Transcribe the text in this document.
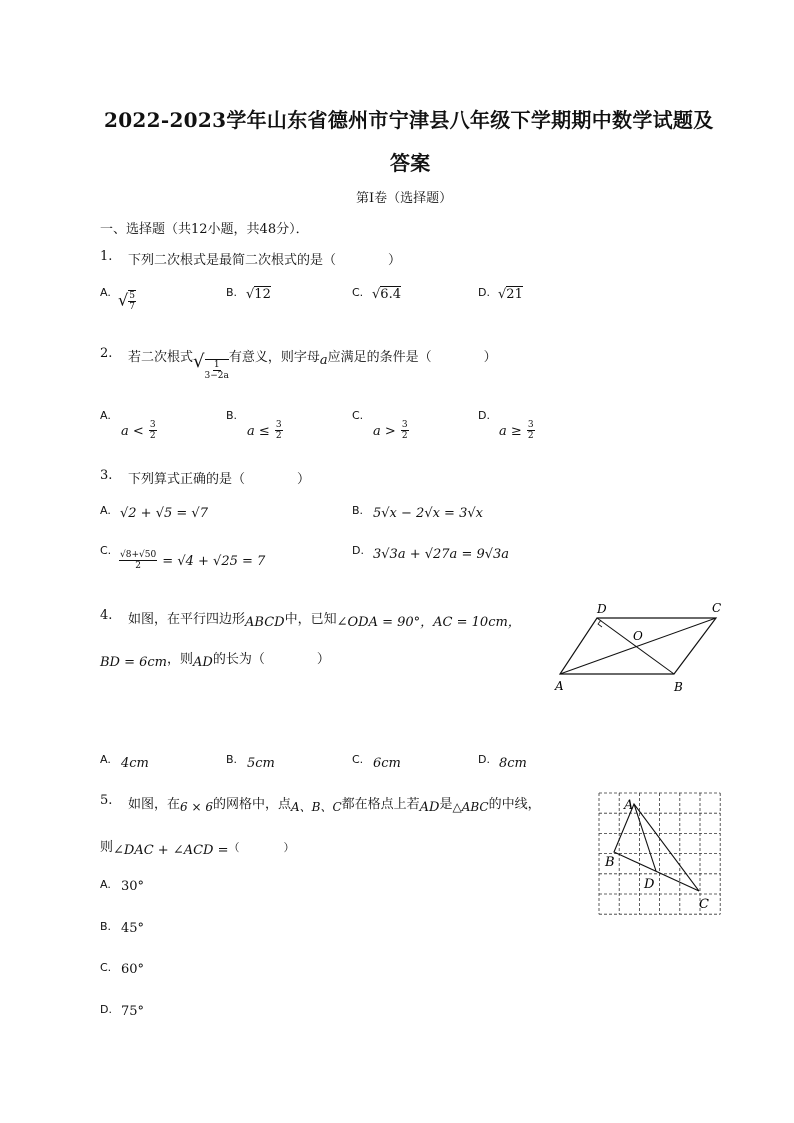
2022-2023学年山东省德州市宁津县八年级下学期期中数学试题及
答案
第I卷（选择题）
一、选择题（共12小题，共48分）．
1. 下列二次根式是最简二次根式的是（　　　　）
A. √ $\frac{5}{7}$	B. √12	C. √6.4	D. √21
2. 若二次根式√ $\frac{1}{3-2a}$
有意义，则字母a应满足的条件是（　　　　）
A.
$a < \frac{3}{2}$
B.
$a \le \frac{3}{2}$
C.
$a > \frac{3}{2}$
D.
$a \ge \frac{3}{2}$
3. 下列算式正确的是（　　　　）
A. √2 + √5 = √7	B. 5√x − 2√x = 3√x
C. $\frac{√8+√50}{2} = √4 + √25 = 7$
D. 3√3a + √27a = 9√3a
4. 如图，在平行四边形ABCD中，已知∠ODA = 90°，AC = 10cm，
BD = 6cm，则AD的长为（　　　　）
D	C
O
A	B
A. 4cm	B. 5cm	C. 6cm	D. 8cm
5. 如图，在6 × 6的网格中，点A、B、C都在格点上若AD是△ABC的中线，
则∠DAC + ∠ACD =（　　　　）
A
B
D
C
A. 30°
B. 45°
C. 60°
D. 75°
